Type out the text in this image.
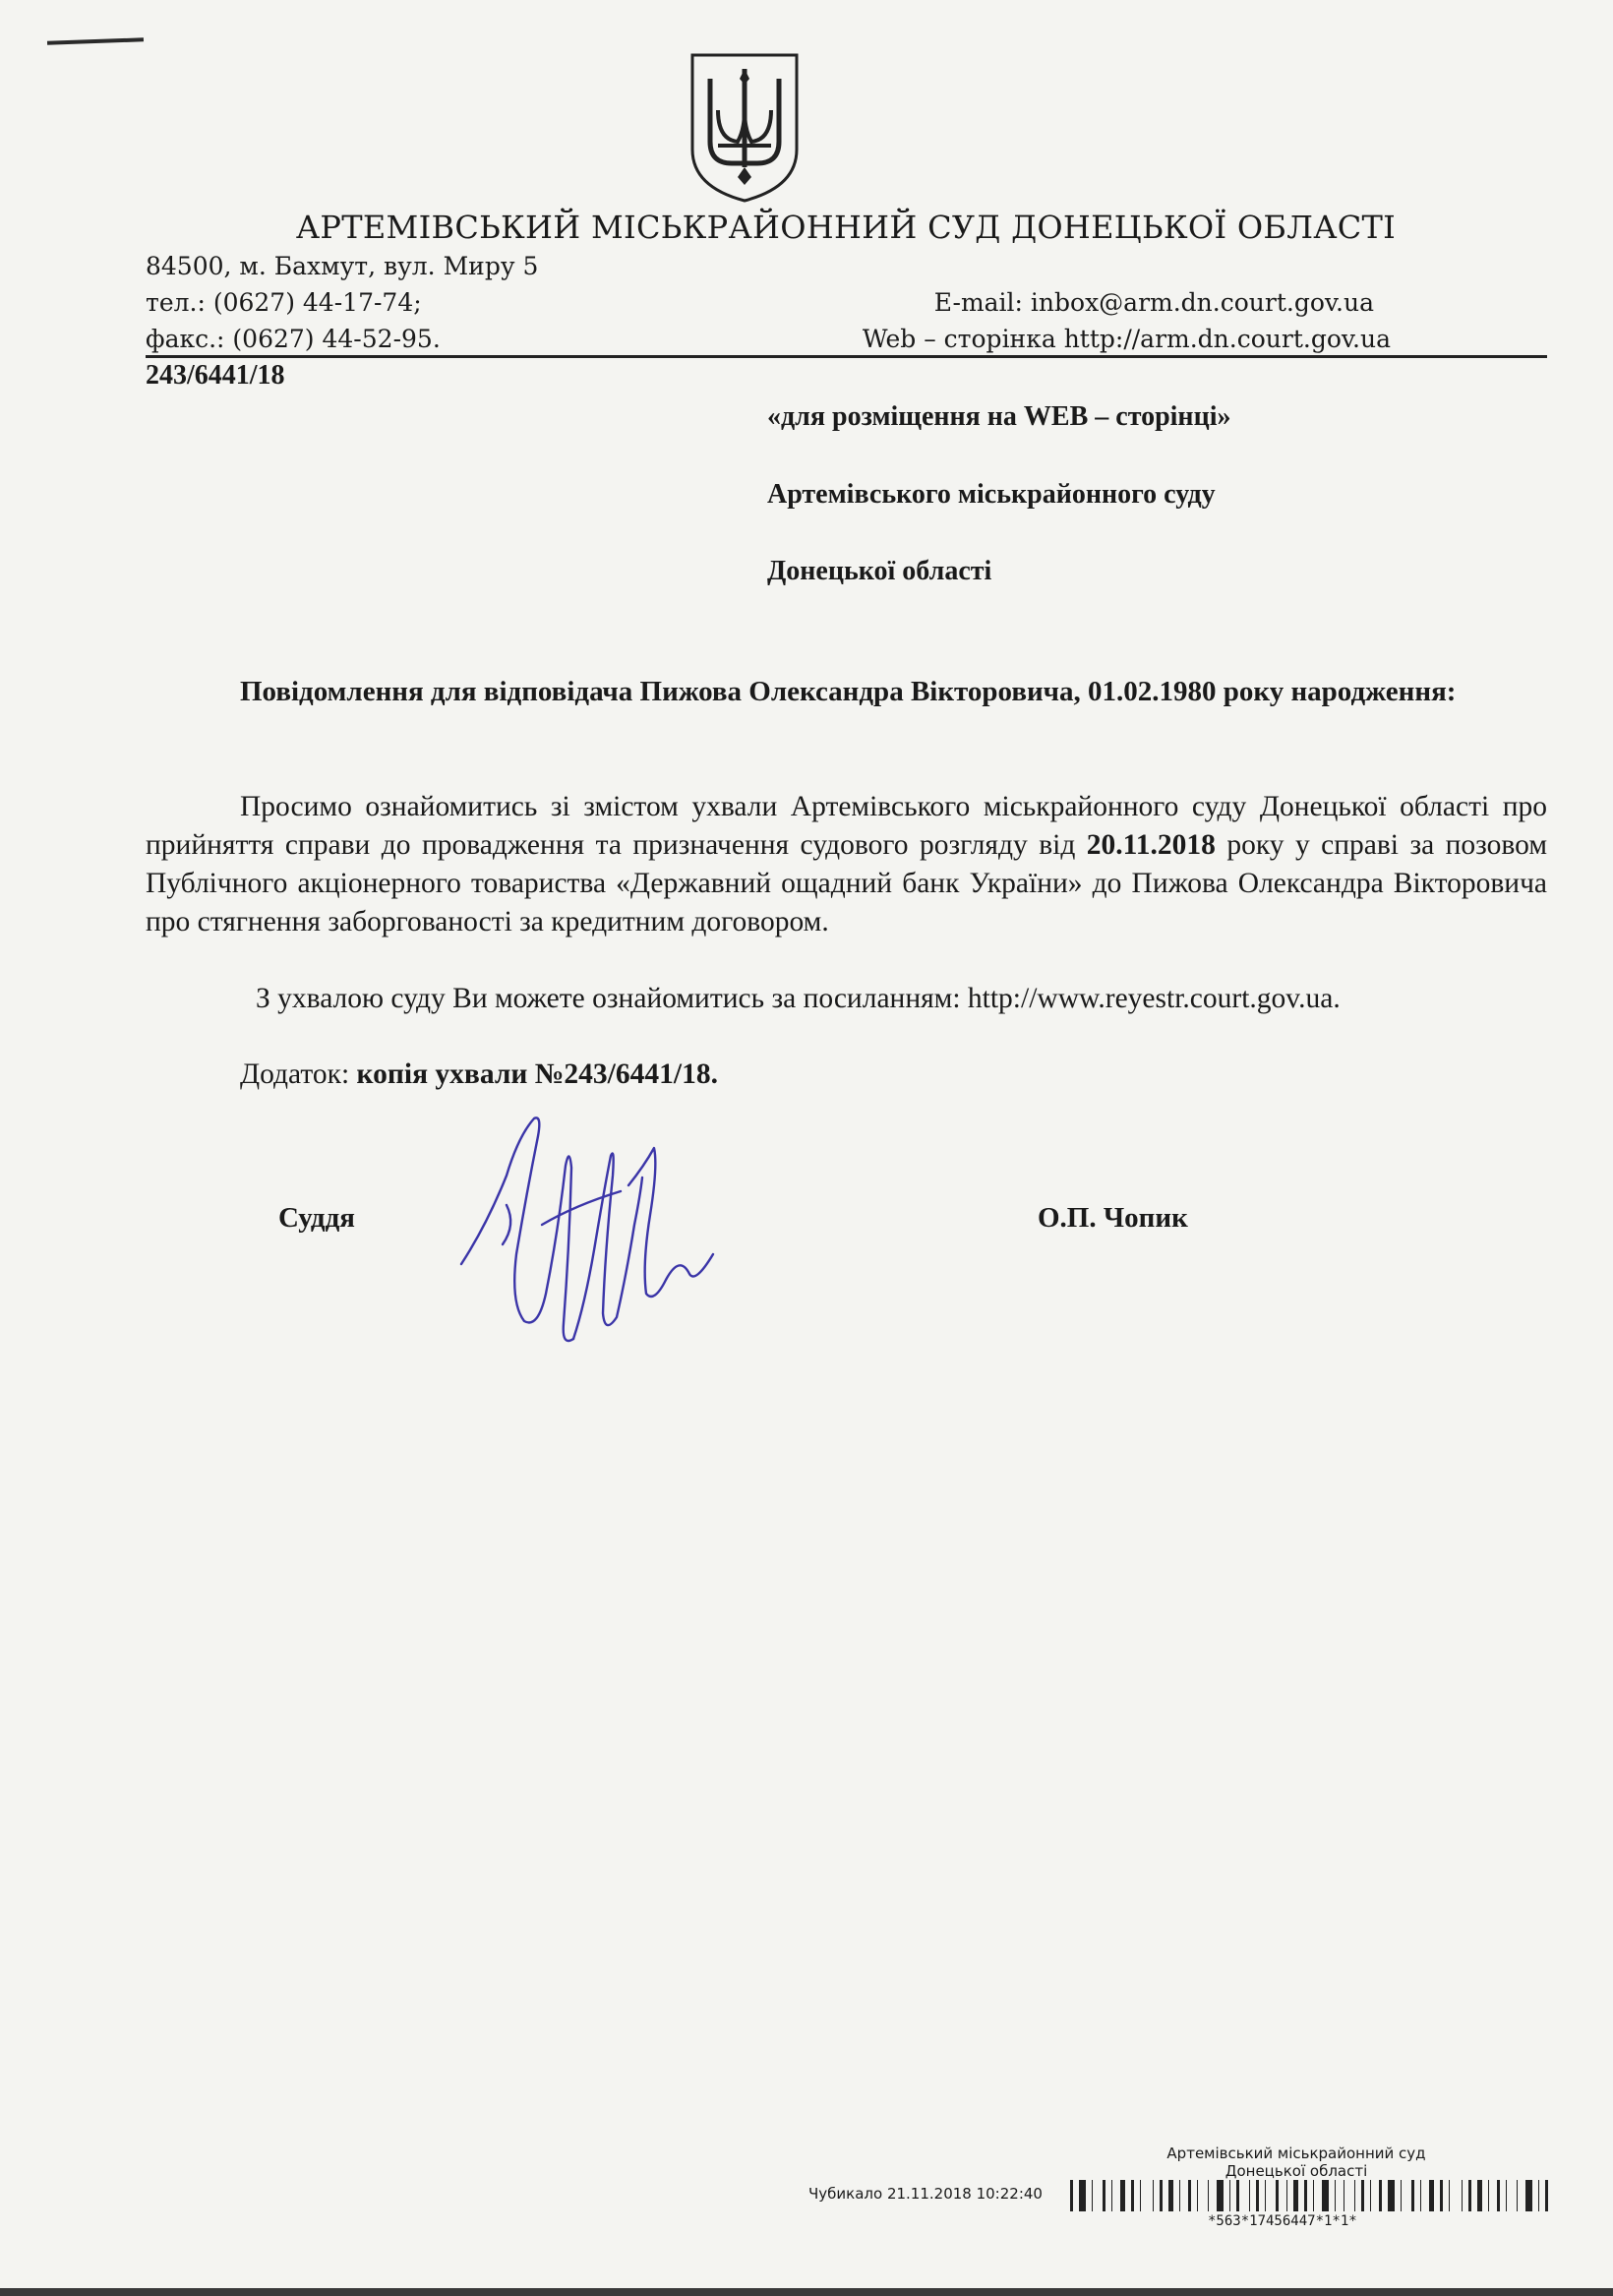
АРТЕМІВСЬКИЙ МІСЬКРАЙОННИЙ СУД ДОНЕЦЬКОЇ ОБЛАСТІ
84500, м. Бахмут, вул. Миру 5
тел.: (0627) 44-17-74;
факс.: (0627) 44-52-95.
E-mail: inbox@arm.dn.court.gov.ua
Web – сторінка http://arm.dn.court.gov.ua
243/6441/18
«для розміщення на WEB – сторінці»
Артемівського міськрайонного суду
Донецької області
Повідомлення для відповідача Пижова Олександра Вікторовича, 01.02.1980 року народження:
Просимо ознайомитись зі змістом ухвали Артемівського міськрайонного суду Донецької області про прийняття справи до провадження та призначення судового розгляду від 20.11.2018 року у справі за позовом Публічного акціонерного товариства «Державний ощадний банк України» до Пижова Олександра Вікторовича про стягнення заборгованості за кредитним договором.
З ухвалою суду Ви можете ознайомитись за посиланням: http://www.reyestr.court.gov.ua.
Додаток: копія ухвали №243/6441/18.
Суддя	О.П. Чопик
Артемівський міськрайонний суд
Донецької області
Чубикало 21.11.2018 10:22:40
*563*17456447*1*1*
